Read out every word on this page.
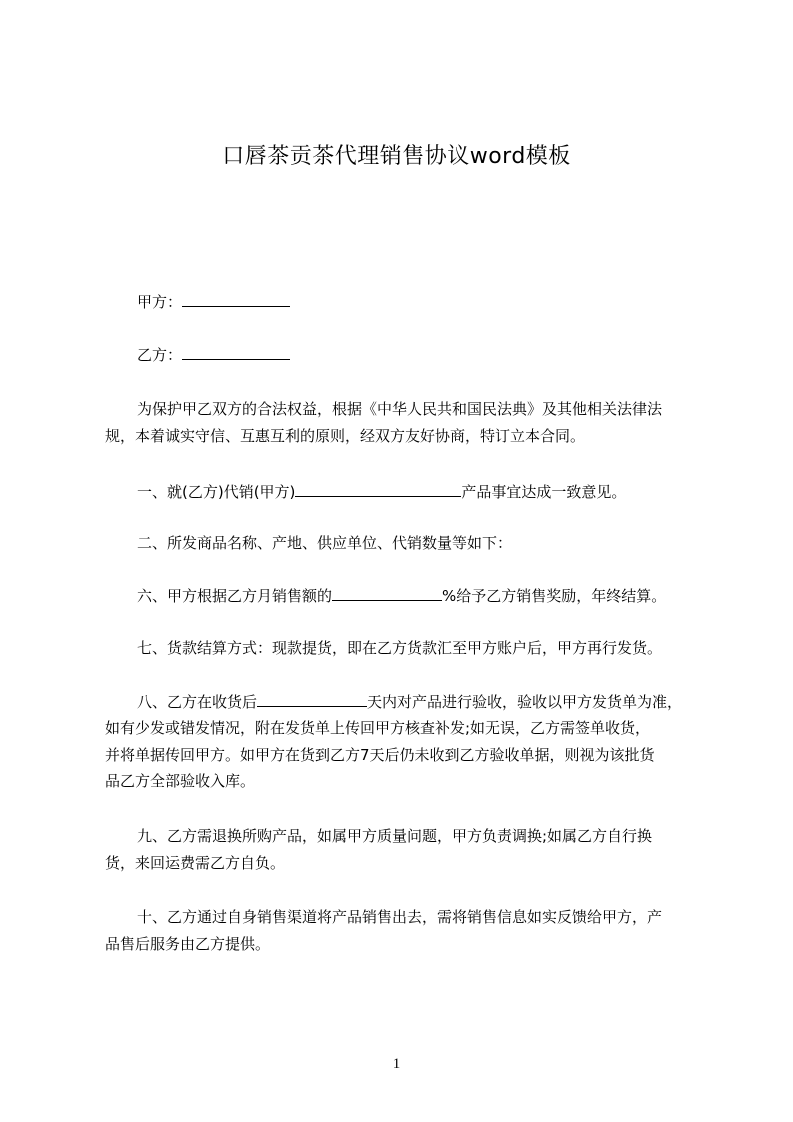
口唇茶贡茶代理销售协议word模板
甲方：
乙方：
为保护甲乙双方的合法权益，根据《中华人民共和国民法典》及其他相关法律法
规，本着诚实守信、互惠互利的原则，经双方友好协商，特订立本合同。
一、就(乙方)代销(甲方)	产品事宜达成一致意见。
二、所发商品名称、产地、供应单位、代销数量等如下：
六、甲方根据乙方月销售额的	%给予乙方销售奖励，年终结算。
七、货款结算方式：现款提货，即在乙方货款汇至甲方账户后，甲方再行发货。
八、乙方在收货后	天内对产品进行验收，验收以甲方发货单为准，
如有少发或错发情况，附在发货单上传回甲方核查补发;如无误，乙方需签单收货，
并将单据传回甲方。如甲方在货到乙方7天后仍未收到乙方验收单据，则视为该批货
品乙方全部验收入库。
九、乙方需退换所购产品，如属甲方质量问题，甲方负责调换;如属乙方自行换
货，来回运费需乙方自负。
十、乙方通过自身销售渠道将产品销售出去，需将销售信息如实反馈给甲方，产
品售后服务由乙方提供。
1
